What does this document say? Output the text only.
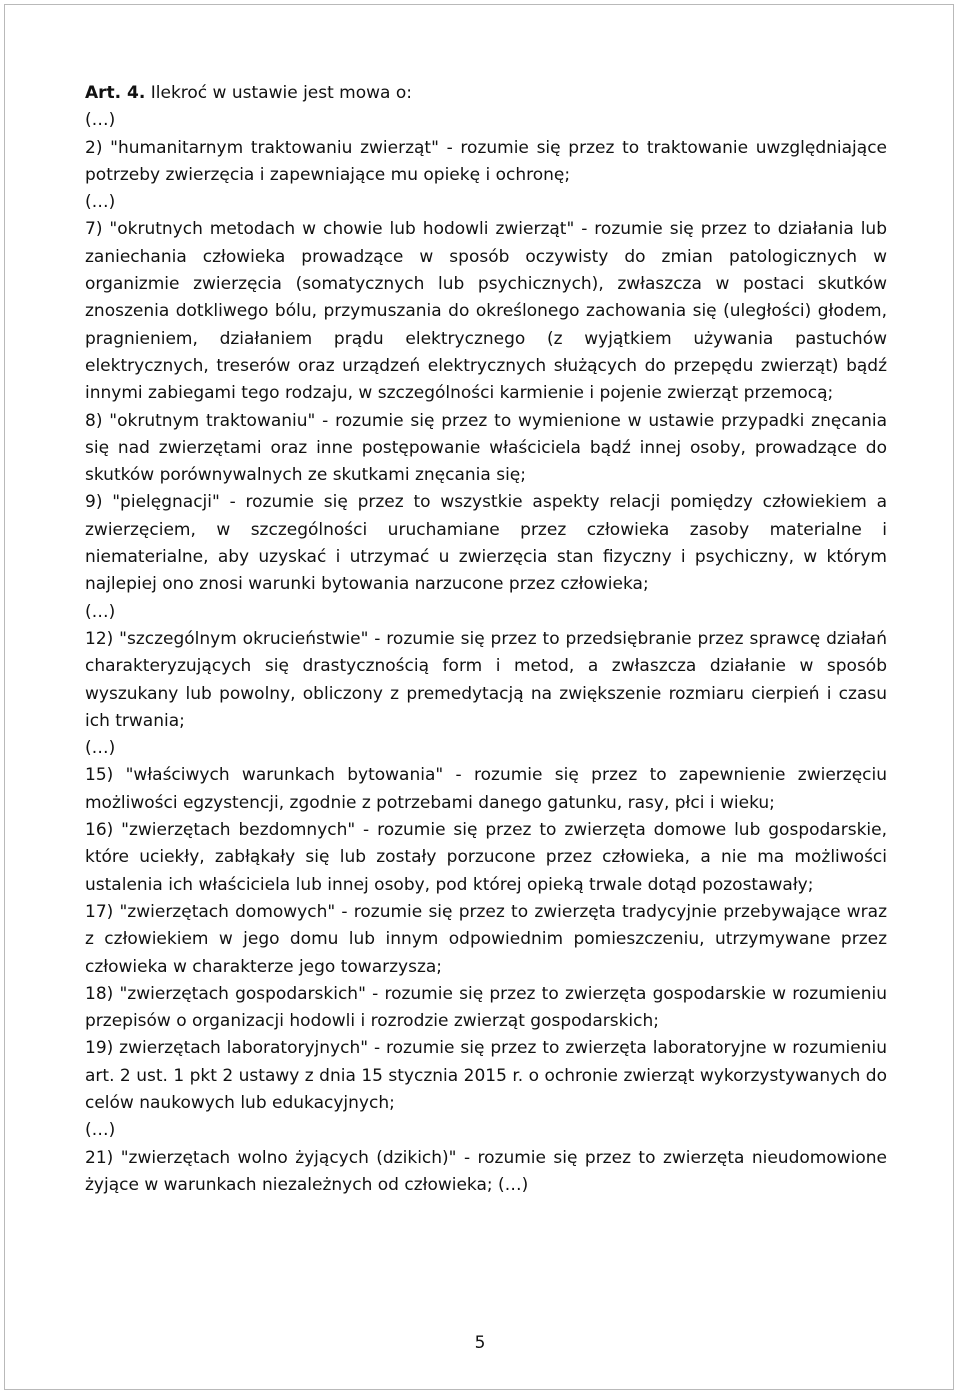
Art. 4. Ilekroć w ustawie jest mowa o:

(…)

2) "humanitarnym traktowaniu zwierząt" - rozumie się przez to traktowanie uwzględniające potrzeby zwierzęcia i zapewniające mu opiekę i ochronę;

(…)

7) "okrutnych metodach w chowie lub hodowli zwierząt" - rozumie się przez to działania lub zaniechania człowieka prowadzące w sposób oczywisty do zmian patologicznych w organizmie zwierzęcia (somatycznych lub psychicznych), zwłaszcza w postaci skutków znoszenia dotkliwego bólu, przymuszania do określonego zachowania się (uległości) głodem, pragnieniem, działaniem prądu elektrycznego (z wyjątkiem używania pastuchów elektrycznych, treserów oraz urządzeń elektrycznych służących do przepędu zwierząt) bądź innymi zabiegami tego rodzaju, w szczególności karmienie i pojenie zwierząt przemocą;

8) "okrutnym traktowaniu" - rozumie się przez to wymienione w ustawie przypadki znęcania się nad zwierzętami oraz inne postępowanie właściciela bądź innej osoby, prowadzące do skutków porównywalnych ze skutkami znęcania się;

9) "pielęgnacji" - rozumie się przez to wszystkie aspekty relacji pomiędzy człowiekiem a zwierzęciem, w szczególności uruchamiane przez człowieka zasoby materialne i niematerialne, aby uzyskać i utrzymać u zwierzęcia stan fizyczny i psychiczny, w którym najlepiej ono znosi warunki bytowania narzucone przez człowieka;

(…)

12) "szczególnym okrucieństwie" - rozumie się przez to przedsiębranie przez sprawcę działań charakteryzujących się drastycznością form i metod, a zwłaszcza działanie w sposób wyszukany lub powolny, obliczony z premedytacją na zwiększenie rozmiaru cierpień i czasu ich trwania;

(…)

15) "właściwych warunkach bytowania" - rozumie się przez to zapewnienie zwierzęciu możliwości egzystencji, zgodnie z potrzebami danego gatunku, rasy, płci i wieku;

16) "zwierzętach bezdomnych" - rozumie się przez to zwierzęta domowe lub gospodarskie, które uciekły, zabłąkały się lub zostały porzucone przez człowieka, a nie ma możliwości ustalenia ich właściciela lub innej osoby, pod której opieką trwale dotąd pozostawały;

17) "zwierzętach domowych" - rozumie się przez to zwierzęta tradycyjnie przebywające wraz z człowiekiem w jego domu lub innym odpowiednim pomieszczeniu, utrzymywane przez człowieka w charakterze jego towarzysza;

18) "zwierzętach gospodarskich" - rozumie się przez to zwierzęta gospodarskie w rozumieniu przepisów o organizacji hodowli i rozrodzie zwierząt gospodarskich;

19) zwierzętach laboratoryjnych" - rozumie się przez to zwierzęta laboratoryjne w rozumieniu art. 2 ust. 1 pkt 2 ustawy z dnia 15 stycznia 2015 r. o ochronie zwierząt wykorzystywanych do celów naukowych lub edukacyjnych;

(…)

21) "zwierzętach wolno żyjących (dzikich)" - rozumie się przez to zwierzęta nieudomowione żyjące w warunkach niezależnych od człowieka; (…)

5
